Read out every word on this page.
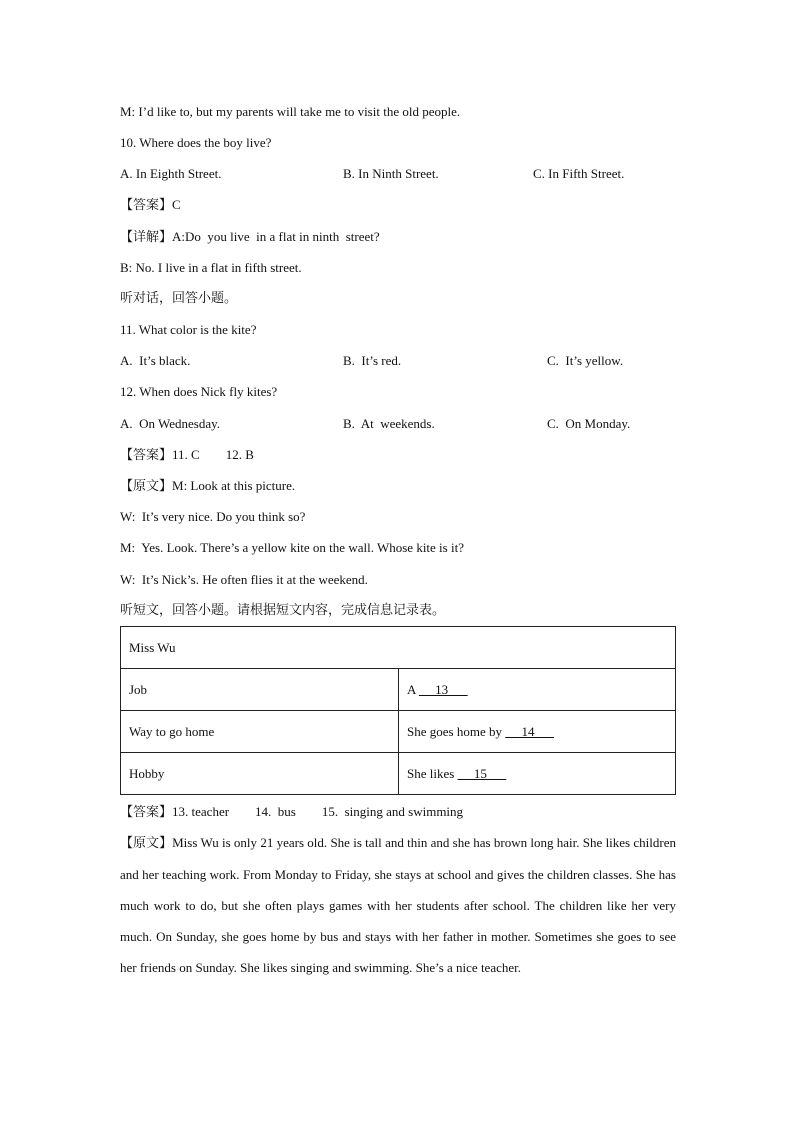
M: I’d like to, but my parents will take me to visit the old people.
10. Where does the boy live?
A. In Eighth Street.	B. In Ninth Street.	C. In Fifth Street.
【答案】C
【详解】A:Do  you live  in a flat in ninth  street?
B: No. I live in a flat in fifth street.
听对话，回答小题。
11. What color is the kite?
A.  It’s black.	B.  It’s red.	C.  It’s yellow.
12. When does Nick fly kites?
A.  On Wednesday.	B.  At  weekends.	C.  On Monday.
【答案】11. C        12. B
【原文】M: Look at this picture.
W:  It’s very nice. Do you think so?
M:  Yes. Look. There’s a yellow kite on the wall. Whose kite is it?
W:  It’s Nick’s. He often flies it at the weekend.
听短文，回答小题。请根据短文内容，完成信息记录表。
Miss Wu	
Job	A      13
Way to go home	She goes home by      14
Hobby	She likes      15
【答案】13. teacher        14.  bus        15.  singing and swimming
【原文】Miss Wu is only 21 years old. She is tall and thin and she has brown long hair. She likes children and her teaching work. From Monday to Friday, she stays at school and gives the children classes. She has much work to do, but she often plays games with her students after school. The children like her very much. On Sunday, she goes home by bus and stays with her father in mother. Sometimes she goes to see her friends on Sunday. She likes singing and swimming. She’s a nice teacher.
